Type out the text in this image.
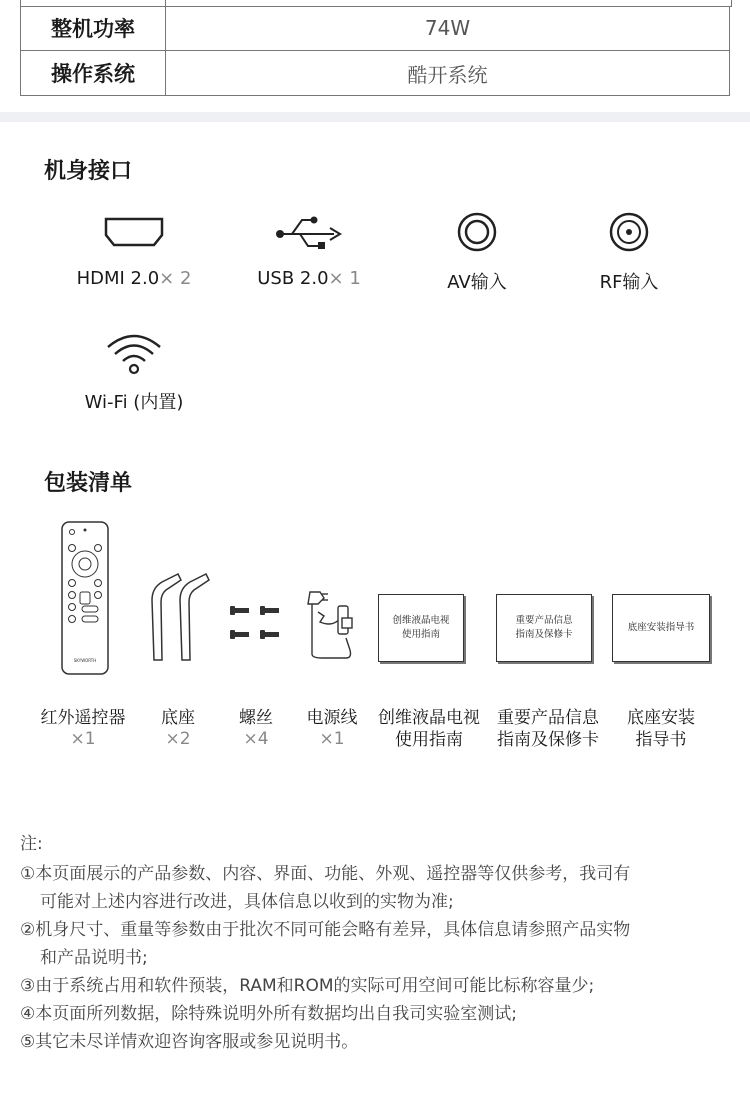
整机功率	74W
操作系统	酷开系统
机身接口
HDMI 2.0× 2	USB 2.0× 1	AV输入	RF输入
Wi-Fi (内置)
包装清单
SKYWORTH
创维液晶电视
使用指南
重要产品信息
指南及保修卡
底座安装指导书
红外遥控器
×1
底座
×2
螺丝
×4
电源线
×1
创维液晶电视
使用指南
重要产品信息
指南及保修卡
底座安装
指导书
注:
①本页面展示的产品参数、内容、界面、功能、外观、遥控器等仅供参考，我司有
可能对上述内容进行改进，具体信息以收到的实物为准;
②机身尺寸、重量等参数由于批次不同可能会略有差异，具体信息请参照产品实物
和产品说明书;
③由于系统占用和软件预装，RAM和ROM的实际可用空间可能比标称容量少;
④本页面所列数据，除特殊说明外所有数据均出自我司实验室测试;
⑤其它未尽详情欢迎咨询客服或参见说明书。
